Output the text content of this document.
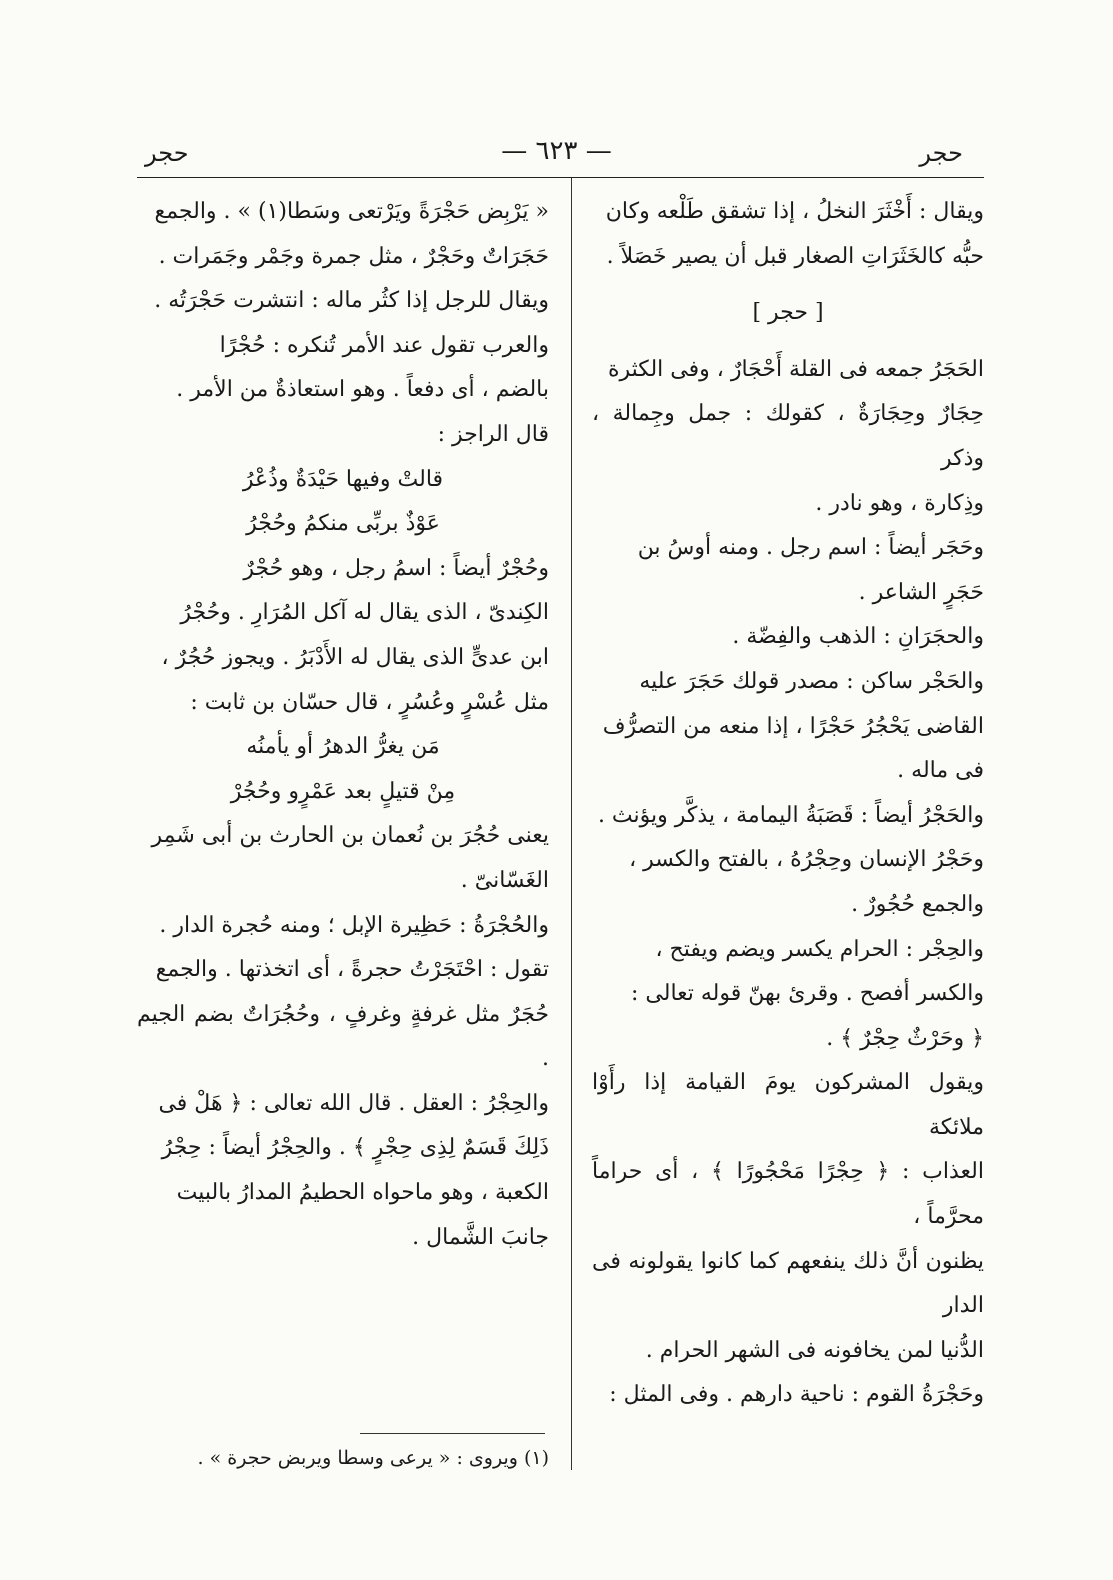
حجر
— ٦٢٣ —
حجر

ويقال : أَخْثَرَ النخلُ ، إذا تشقق طَلْعه وكان

حبُّه كالخَثَرَاتِ الصغار قبل أن يصير خَصَلاً .

[ حجر ]

الحَجَرُ جمعه فى القلة أَحْجَارٌ ، وفى الكثرة

حِجَارٌ وحِجَارَةٌ ، كقولك : جمل وجِمالة ، وذكر

وذِكارة ، وهو نادر .

وحَجَر أيضاً : اسم رجل . ومنه أوسُ بن

حَجَرٍ الشاعر .

والحجَرَانِ : الذهب والفِضّة .

والحَجْر ساكن : مصدر قولك حَجَرَ عليه

القاضى يَحْجُرُ حَجْرًا ، إذا منعه من التصرُّف

فى ماله .

والحَجْرُ أيضاً : قَصَبَةُ اليمامة ، يذكَّر ويؤنث .

وحَجْرُ الإنسان وحِجْرُهُ ، بالفتح والكسر ،

والجمع حُجُورٌ .

والحِجْر : الحرام يكسر ويضم ويفتح ،

والكسر أفصح . وقرئ بهنّ قوله تعالى :

﴿ وحَرْثٌ حِجْرٌ ﴾ .

ويقول المشركون يومَ القيامة إذا رأَوْا ملائكة

العذاب : ﴿ حِجْرًا مَحْجُورًا ﴾ ، أى حراماً محرَّماً ،

يظنون أنَّ ذلك ينفعهم كما كانوا يقولونه فى الدار

الدُّنيا لمن يخافونه فى الشهر الحرام .

وحَجْرَةُ القوم : ناحية دارهم . وفى المثل :

« يَرْبِض حَجْرَةً ويَرْتعى وسَطا(١) » . والجمع

حَجَرَاتٌ وحَجْرٌ ، مثل جمرة وجَمْر وجَمَرات .

ويقال للرجل إذا كثُر ماله : انتشرت حَجْرَتُه .

والعرب تقول عند الأمر تُنكره : حُجْرًا

بالضم ، أى دفعاً . وهو استعاذةٌ من الأمر .

قال الراجز :

قالتْ وفيها حَيْدَةٌ وذُعْرُ

عَوْذٌ بربِّى منكمُ وحُجْرُ

وحُجْرٌ أيضاً : اسمُ رجل ، وهو حُجْرٌ

الكِندىّ ، الذى يقال له آكل المُرَارِ . وحُجْرُ

ابن عدىٍّ الذى يقال له الأَدْبَرُ . ويجوز حُجُرٌ ،

مثل عُسْرٍ وعُسُرٍ ، قال حسّان بن ثابت :

مَن يغرُّ الدهرُ أو يأمنُه

مِنْ قتيلٍ بعد عَمْرٍو وحُجُرْ

يعنى حُجُرَ بن نُعمان بن الحارث بن أبى شَمِر

الغَسّانىّ .

والحُجْرَةُ : حَظِيرة الإبل ؛ ومنه حُجرة الدار .

تقول : احْتَجَرْتُ حجرةً ، أى اتخذتها . والجمع

حُجَرٌ مثل غرفةٍ وغرفٍ ، وحُجُرَاتٌ بضم الجيم .

والحِجْرُ : العقل . قال الله تعالى : ﴿ هَلْ فى

ذَلِكَ قَسَمٌ لِذِى حِجْرٍ ﴾ . والحِجْرُ أيضاً : حِجْرُ

الكعبة ، وهو ماحواه الحطيمُ المدارُ بالبيت

جانبَ الشَّمال .

(١) ويروى : « يرعى وسطا ويربض حجرة » .
